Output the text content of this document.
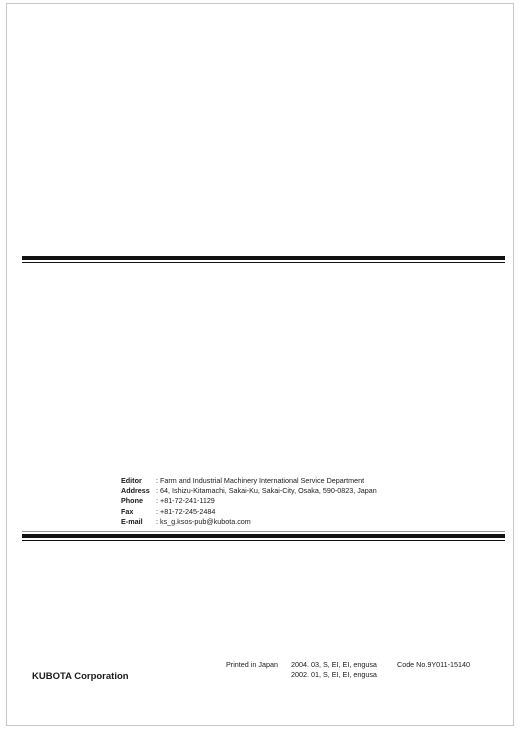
Editor	: Farm and Industrial Machinery International Service Department
Address : 64, Ishizu-Kitamachi, Sakai-Ku, Sakai-City, Osaka, 590-0823, Japan
Phone	: +81-72-241-1129
Fax	: +81-72-245-2484
E-mail	: ks_g.ksos-pub@kubota.com
KUBOTA Corporation
Printed in Japan 2004. 03, S, EI, EI, engusa
2002. 01, S, EI, EI, engusa
Code No.9Y011-15140
